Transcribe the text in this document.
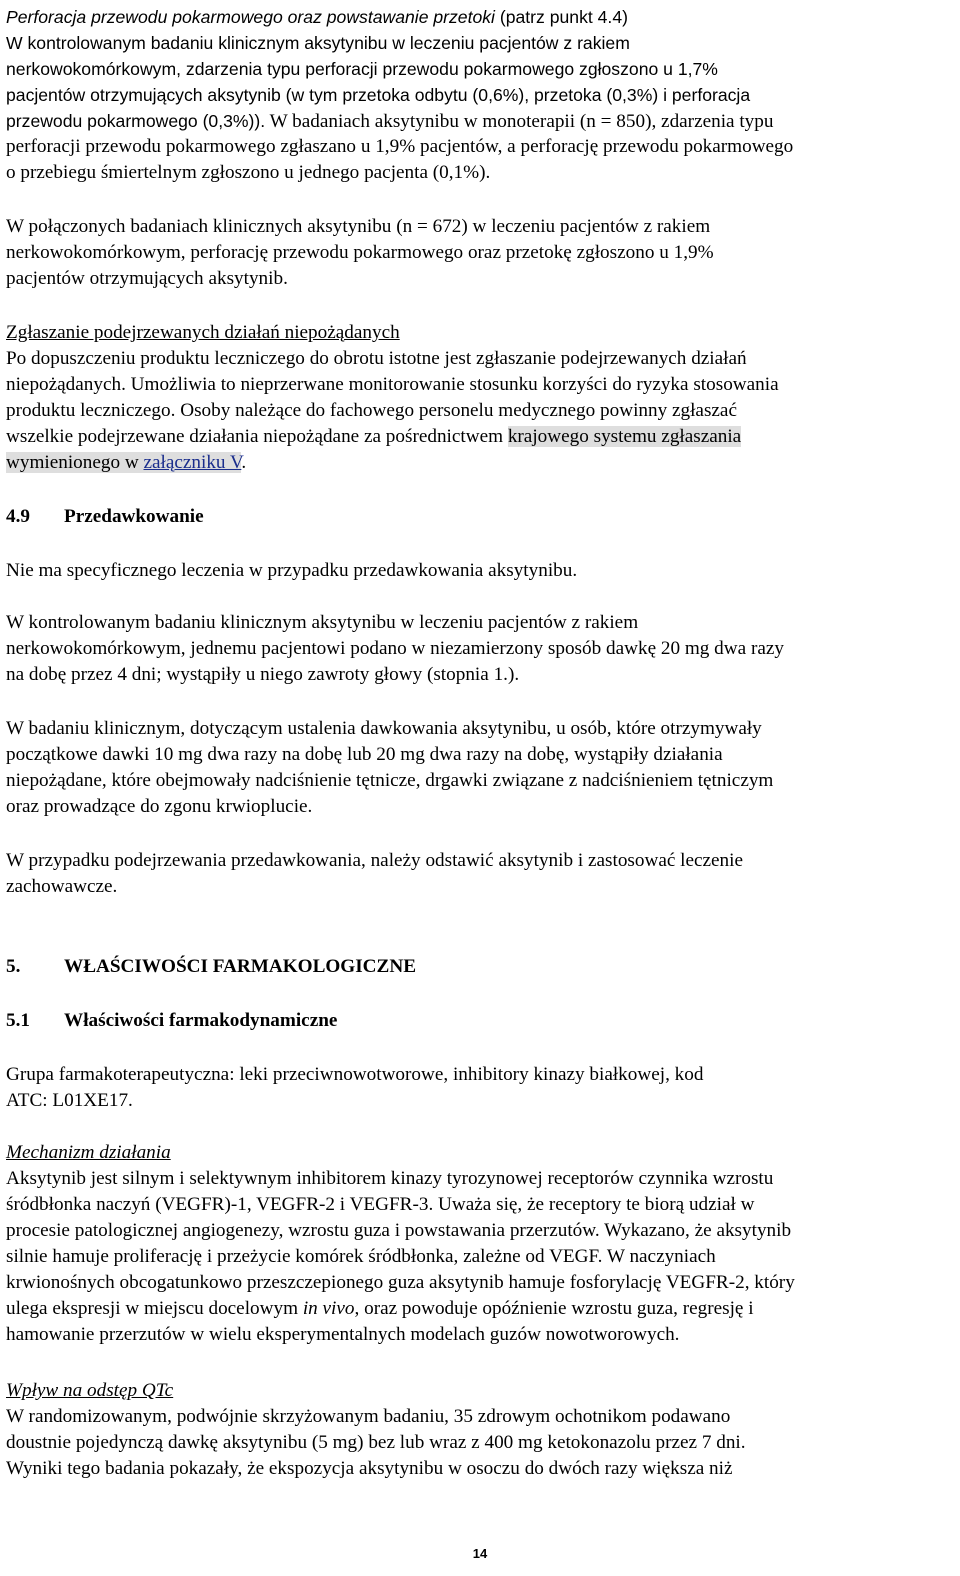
Perforacja przewodu pokarmowego oraz powstawanie przetoki (patrz punkt 4.4)
W kontrolowanym badaniu klinicznym aksytynibu w leczeniu pacjentów z rakiem
nerkowokomórkowym, zdarzenia typu perforacji przewodu pokarmowego zgłoszono u 1,7%
pacjentów otrzymujących aksytynib (w tym przetoka odbytu (0,6%), przetoka (0,3%) i perforacja
przewodu pokarmowego (0,3%)). W badaniach aksytynibu w monoterapii (n = 850), zdarzenia typu
perforacji przewodu pokarmowego zgłaszano u 1,9% pacjentów, a perforację przewodu pokarmowego
o przebiegu śmiertelnym zgłoszono u jednego pacjenta (0,1%).
W połączonych badaniach klinicznych aksytynibu (n = 672) w leczeniu pacjentów z rakiem
nerkowokomórkowym, perforację przewodu pokarmowego oraz przetokę zgłoszono u 1,9%
pacjentów otrzymujących aksytynib.
Zgłaszanie podejrzewanych działań niepożądanych
Po dopuszczeniu produktu leczniczego do obrotu istotne jest zgłaszanie podejrzewanych działań
niepożądanych. Umożliwia to nieprzerwane monitorowanie stosunku korzyści do ryzyka stosowania
produktu leczniczego. Osoby należące do fachowego personelu medycznego powinny zgłaszać
wszelkie podejrzewane działania niepożądane za pośrednictwem krajowego systemu zgłaszania
wymienionego w załączniku V.
4.9 Przedawkowanie
Nie ma specyficznego leczenia w przypadku przedawkowania aksytynibu.
W kontrolowanym badaniu klinicznym aksytynibu w leczeniu pacjentów z rakiem
nerkowokomórkowym, jednemu pacjentowi podano w niezamierzony sposób dawkę 20 mg dwa razy
na dobę przez 4 dni; wystąpiły u niego zawroty głowy (stopnia 1.).
W badaniu klinicznym, dotyczącym ustalenia dawkowania aksytynibu, u osób, które otrzymywały
początkowe dawki 10 mg dwa razy na dobę lub 20 mg dwa razy na dobę, wystąpiły działania
niepożądane, które obejmowały nadciśnienie tętnicze, drgawki związane z nadciśnieniem tętniczym
oraz prowadzące do zgonu krwioplucie.
W przypadku podejrzewania przedawkowania, należy odstawić aksytynib i zastosować leczenie
zachowawcze.
5. WŁAŚCIWOŚCI FARMAKOLOGICZNE
5.1 Właściwości farmakodynamiczne
Grupa farmakoterapeutyczna: leki przeciwnowotworowe, inhibitory kinazy białkowej, kod
ATC: L01XE17.
Mechanizm działania
Aksytynib jest silnym i selektywnym inhibitorem kinazy tyrozynowej receptorów czynnika wzrostu
śródbłonka naczyń (VEGFR)-1, VEGFR-2 i VEGFR-3. Uważa się, że receptory te biorą udział w
procesie patologicznej angiogenezy, wzrostu guza i powstawania przerzutów. Wykazano, że aksytynib
silnie hamuje proliferację i przeżycie komórek śródbłonka, zależne od VEGF. W naczyniach
krwionośnych obcogatunkowo przeszczepionego guza aksytynib hamuje fosforylację VEGFR-2, który
ulega ekspresji w miejscu docelowym in vivo, oraz powoduje opóźnienie wzrostu guza, regresję i
hamowanie przerzutów w wielu eksperymentalnych modelach guzów nowotworowych.
Wpływ na odstęp QTc
W randomizowanym, podwójnie skrzyżowanym badaniu, 35 zdrowym ochotnikom podawano
doustnie pojedynczą dawkę aksytynibu (5 mg) bez lub wraz z 400 mg ketokonazolu przez 7 dni.
Wyniki tego badania pokazały, że ekspozycja aksytynibu w osoczu do dwóch razy większa niż
14
